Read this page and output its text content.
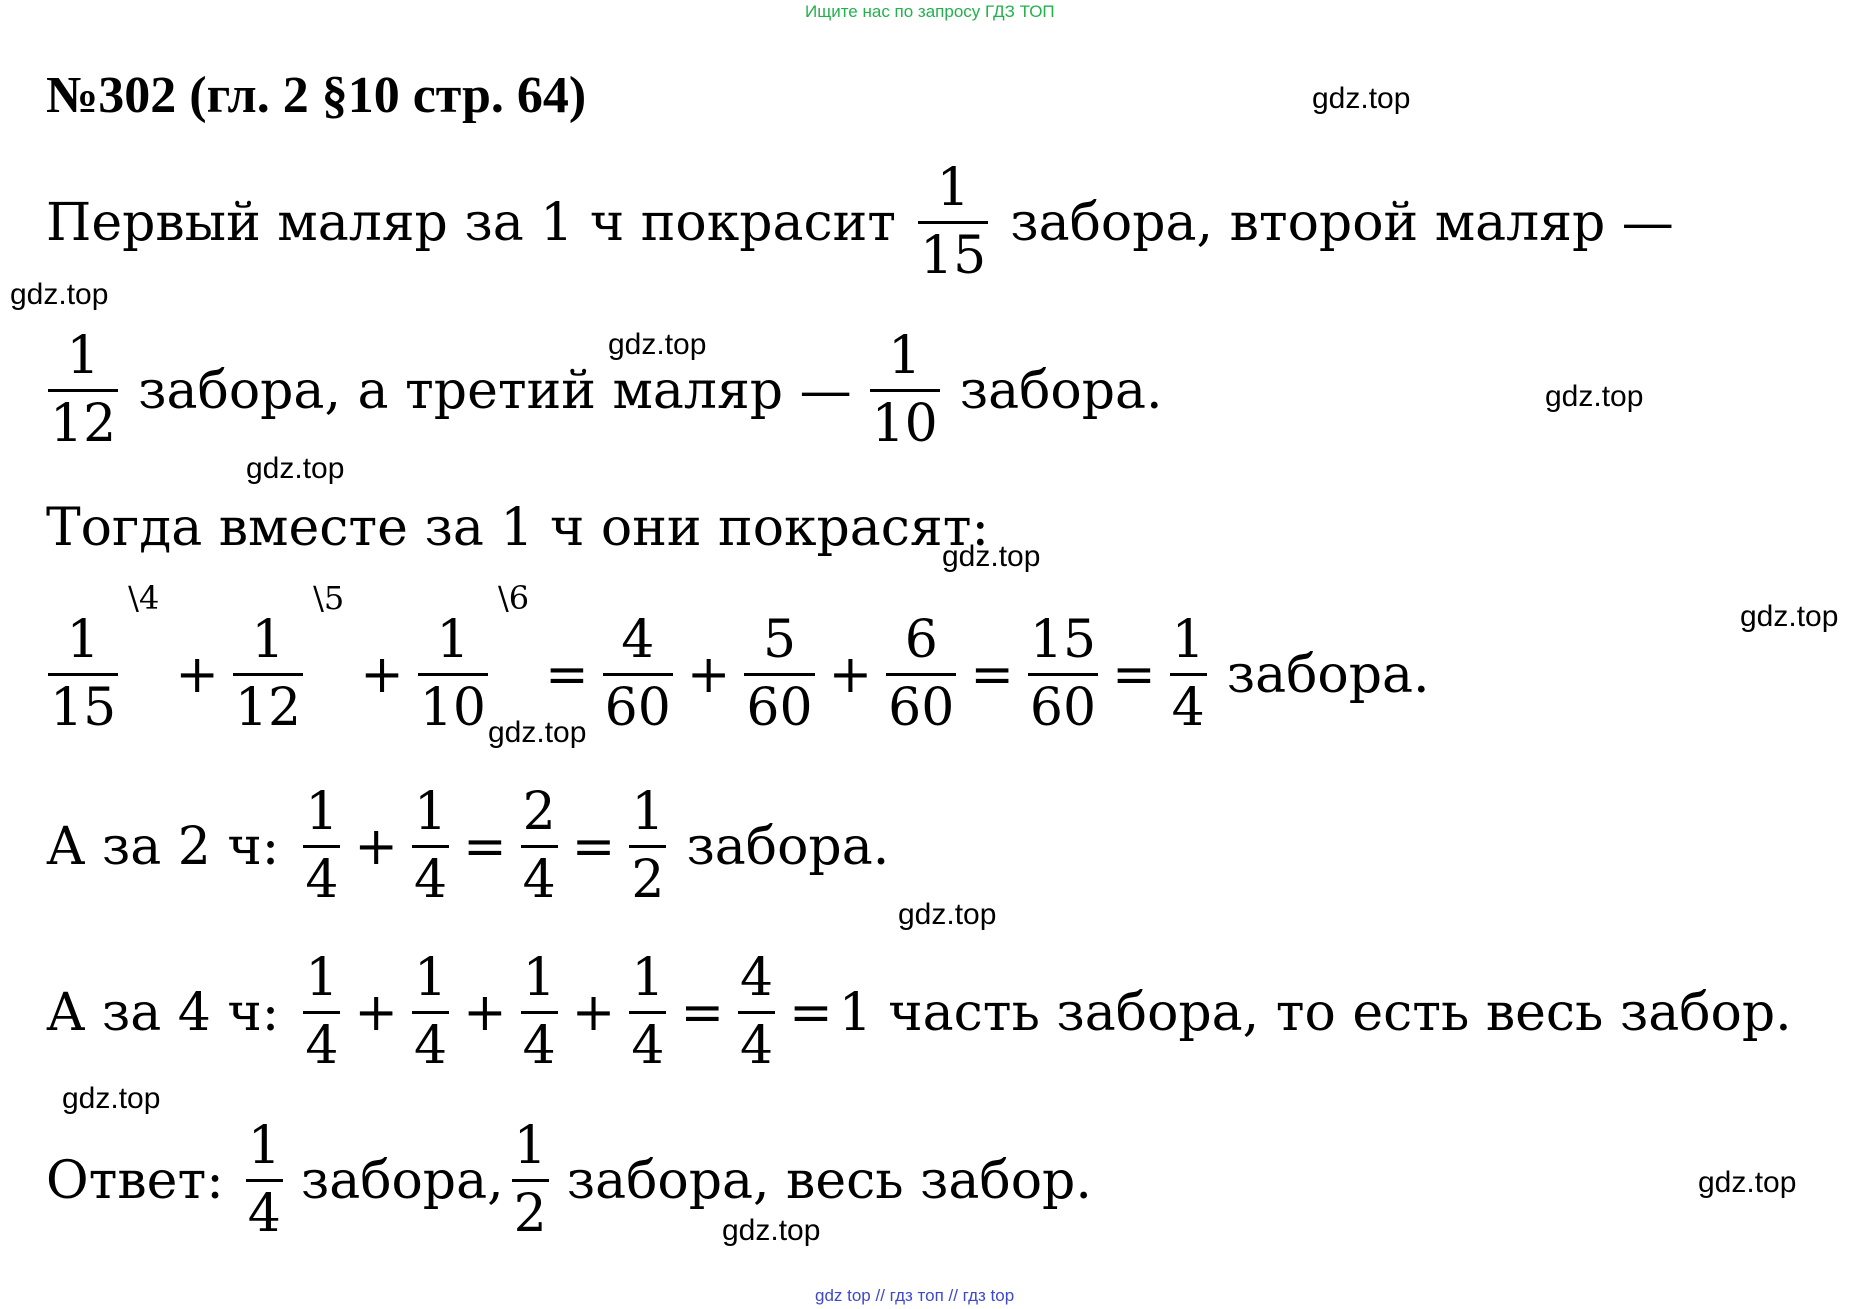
Ищите нас по запросу ГДЗ ТОП
№302 (гл. 2 §10 стр. 64)	gdz.top
gdz.top
gdz.top
gdz.top
gdz.top
gdz.top
gdz.top
gdz.top
gdz.top
gdz.top
gdz.top
gdz.top
Первый маляр за 1 ч покрасит $\frac{1}{15}$ забора, второй маляр —
$\frac{1}{12}$ забора, а третий маляр — $\frac{1}{10}$ забора.
Тогда вместе за 1 ч они покрасят:
$\frac{1}{15}$
\4
+ $\frac{1}{12}$
\5
+ $\frac{1}{10}$
\6
= $\frac{4}{60} + \frac{5}{60} + \frac{6}{60} = \frac{15}{60} = \frac{1}{4}$ забора.
А за 2 ч: $\frac{1}{4} + \frac{1}{4} = \frac{2}{4} = \frac{1}{2}$ забора.
А за 4 ч: $\frac{1}{4} + \frac{1}{4} + \frac{1}{4} + \frac{1}{4} = \frac{4}{4} = 1$ часть забора, то есть весь забор.
Ответ: $\frac{1}{4}$ забора, $\frac{1}{2}$ забора, весь забор.
gdz top // гдз топ // гдз top
